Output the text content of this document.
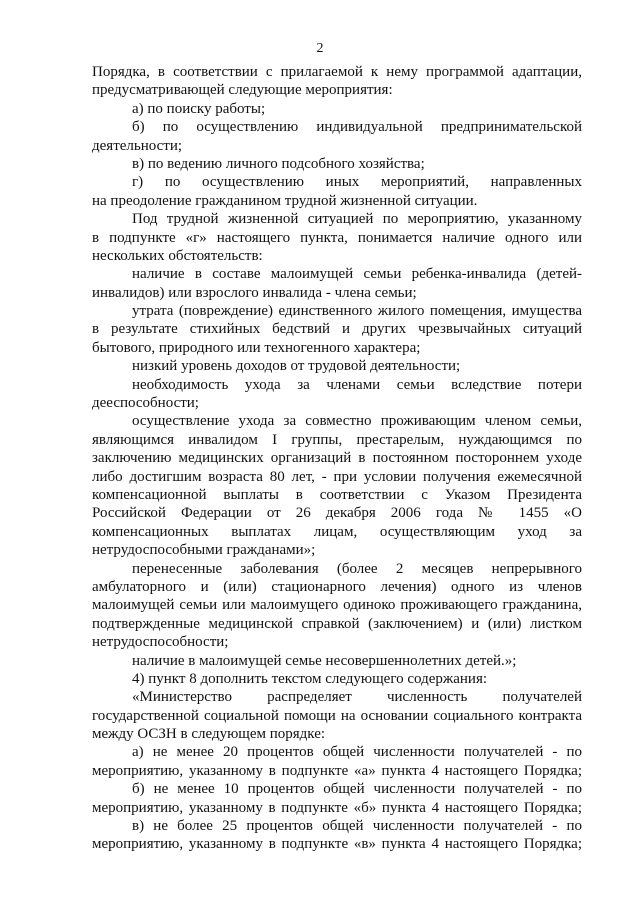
2
Порядка, в соответствии с прилагаемой к нему программой адаптации,
предусматривающей следующие мероприятия:
а) по поиску работы;
б) по осуществлению индивидуальной предпринимательской
деятельности;
в) по ведению личного подсобного хозяйства;
г) по осуществлению иных мероприятий, направленных
на преодоление гражданином трудной жизненной ситуации.
Под трудной жизненной ситуацией по мероприятию, указанному
в подпункте «г» настоящего пункта, понимается наличие одного или
нескольких обстоятельств:
наличие в составе малоимущей семьи ребенка-инвалида (детей-
инвалидов) или взрослого инвалида - члена семьи;
утрата (повреждение) единственного жилого помещения, имущества
в результате стихийных бедствий и других чрезвычайных ситуаций
бытового, природного или техногенного характера;
низкий уровень доходов от трудовой деятельности;
необходимость ухода за членами семьи вследствие потери
дееспособности;
осуществление ухода за совместно проживающим членом семьи,
являющимся инвалидом I группы, престарелым, нуждающимся по
заключению медицинских организаций в постоянном постороннем уходе
либо достигшим возраста 80 лет, - при условии получения ежемесячной
компенсационной выплаты в соответствии с Указом Президента
Российской Федерации от 26 декабря 2006 года № 1455 «О
компенсационных выплатах лицам, осуществляющим уход за
нетрудоспособными гражданами»;
перенесенные заболевания (более 2 месяцев непрерывного
амбулаторного и (или) стационарного лечения) одного из членов
малоимущей семьи или малоимущего одиноко проживающего гражданина,
подтвержденные медицинской справкой (заключением) и (или) листком
нетрудоспособности;
наличие в малоимущей семье несовершеннолетних детей.»;
4) пункт 8 дополнить текстом следующего содержания:
«Министерство распределяет численность получателей
государственной социальной помощи на основании социального контракта
между ОСЗН в следующем порядке:
а) не менее 20 процентов общей численности получателей - по
мероприятию, указанному в подпункте «а» пункта 4 настоящего Порядка;
б) не менее 10 процентов общей численности получателей - по
мероприятию, указанному в подпункте «б» пункта 4 настоящего Порядка;
в) не более 25 процентов общей численности получателей - по
мероприятию, указанному в подпункте «в» пункта 4 настоящего Порядка;
